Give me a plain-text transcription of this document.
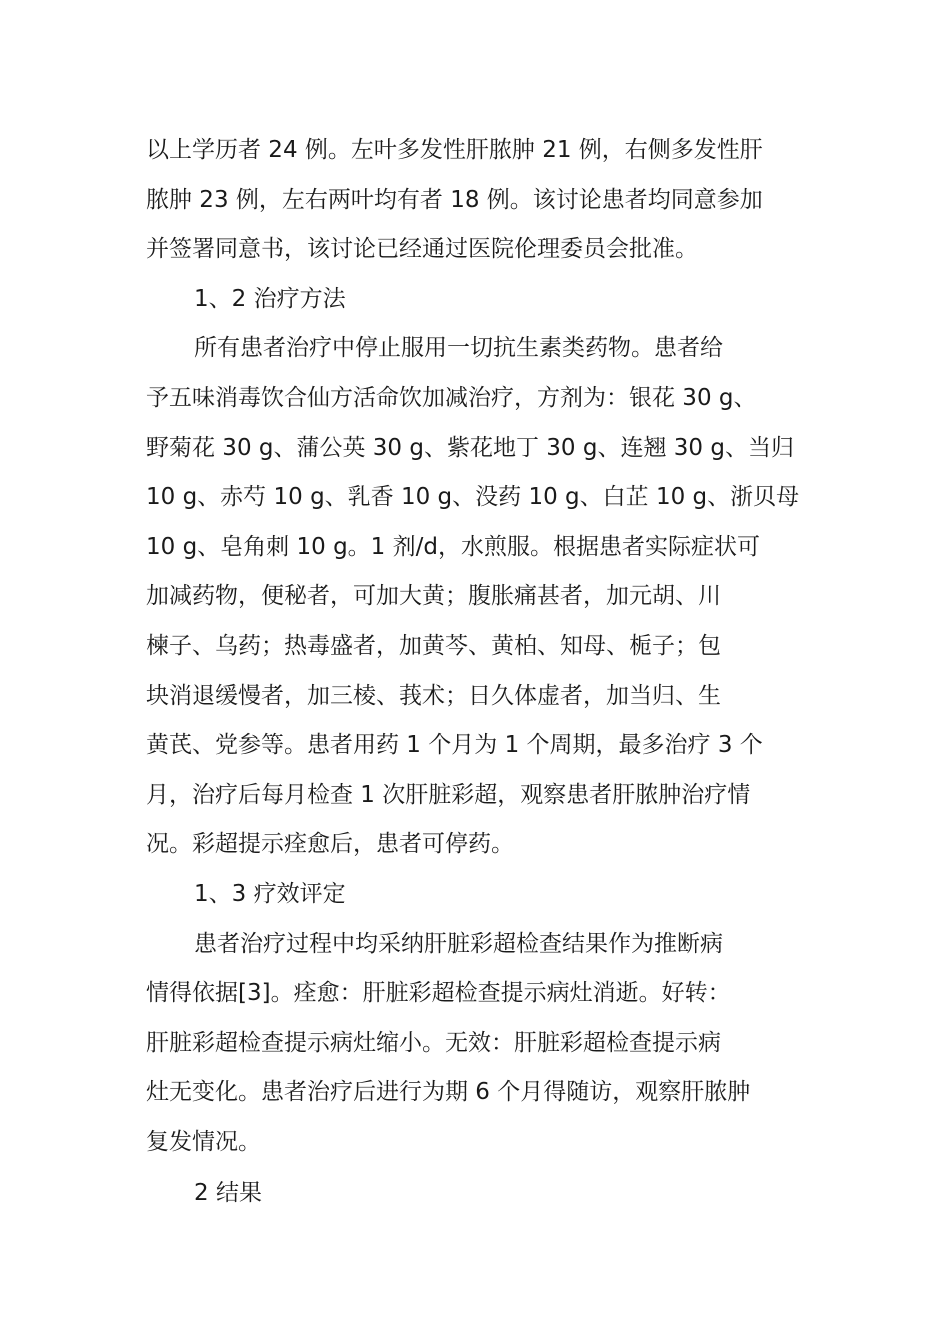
以上学历者 24 例。左叶多发性肝脓肿 21 例，右侧多发性肝
脓肿 23 例，左右两叶均有者 18 例。该讨论患者均同意参加
并签署同意书，该讨论已经通过医院伦理委员会批准。
1、2 治疗方法
所有患者治疗中停止服用一切抗生素类药物。患者给
予五味消毒饮合仙方活命饮加减治疗，方剂为：银花 30 g、
野菊花 30 g、蒲公英 30 g、紫花地丁 30 g、连翘 30 g、当归
10 g、赤芍 10 g、乳香 10 g、没药 10 g、白芷 10 g、浙贝母
10 g、皂角刺 10 g。1 剂/d，水煎服。根据患者实际症状可
加减药物，便秘者，可加大黄；腹胀痛甚者，加元胡、川
楝子、乌药；热毒盛者，加黄芩、黄柏、知母、栀子；包
块消退缓慢者，加三棱、莪术；日久体虚者，加当归、生
黄芪、党参等。患者用药 1 个月为 1 个周期，最多治疗 3 个
月，治疗后每月检查 1 次肝脏彩超，观察患者肝脓肿治疗情
况。彩超提示痊愈后，患者可停药。
1、3 疗效评定
患者治疗过程中均采纳肝脏彩超检查结果作为推断病
情得依据[3]。痊愈：肝脏彩超检查提示病灶消逝。好转：
肝脏彩超检查提示病灶缩小。无效：肝脏彩超检查提示病
灶无变化。患者治疗后进行为期 6 个月得随访，观察肝脓肿
复发情况。
2 结果
